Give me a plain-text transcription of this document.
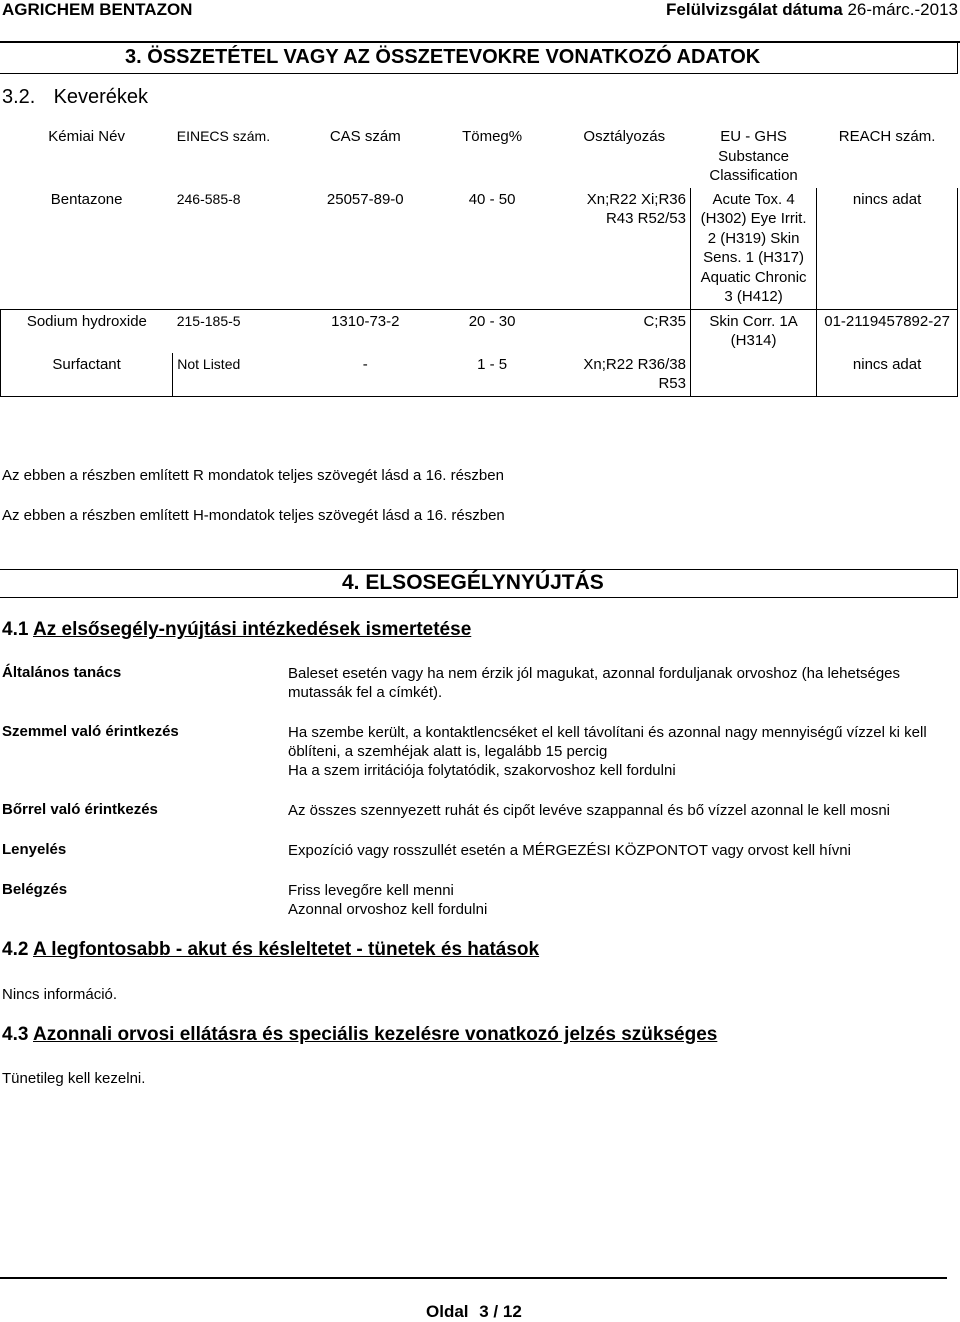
AGRICHEM BENTAZON	Felülvizsgálat dátuma 26-márc.-2013
3. ÖSSZETÉTEL VAGY AZ ÖSSZETEVOKRE VONATKOZÓ ADATOK
3.2. Keverékek
Kémiai Név	EINECS szám.	CAS szám	Tömeg%	Osztályozás	EU - GHS Substance Classification	REACH szám.
Bentazone	246-585-8	25057-89-0	40 - 50	Xn;R22 Xi;R36 R43 R52/53	Acute Tox. 4 (H302) Eye Irrit. 2 (H319) Skin Sens. 1 (H317) Aquatic Chronic 3 (H412)	nincs adat
Sodium hydroxide	215-185-5	1310-73-2	20 - 30	C;R35	Skin Corr. 1A (H314)	01-2119457892-27
Surfactant	Not Listed	-	1 - 5	Xn;R22 R36/38 R53		nincs adat
Az ebben a részben említett R mondatok teljes szövegét lásd a 16. részben
Az ebben a részben említett H-mondatok teljes szövegét lásd a 16. részben
4. ELSOSEGÉLYNYÚJTÁS
4.1 Az elsősegély-nyújtási intézkedések ismertetése
Általános tanács	Baleset esetén vagy ha nem érzik jól magukat, azonnal forduljanak orvoshoz (ha lehetséges mutassák fel a címkét).
Szemmel való érintkezés	Ha szembe került, a kontaktlencséket el kell távolítani és azonnal nagy mennyiségű vízzel ki kell öblíteni, a szemhéjak alatt is, legalább 15 percig
Ha a szem irritációja folytatódik, szakorvoshoz kell fordulni
Bőrrel való érintkezés	Az összes szennyezett ruhát és cipőt levéve szappannal és bő vízzel azonnal le kell mosni
Lenyelés	Expozíció vagy rosszullét esetén a MÉRGEZÉSI KÖZPONTOT vagy orvost kell hívni
Belégzés	Friss levegőre kell menni
Azonnal orvoshoz kell fordulni
4.2 A legfontosabb - akut és késleltetet - tünetek és hatások
Nincs információ.
4.3 Azonnali orvosi ellátásra és speciális kezelésre vonatkozó jelzés szükséges
Tünetileg kell kezelni.
Oldal 3 / 12
